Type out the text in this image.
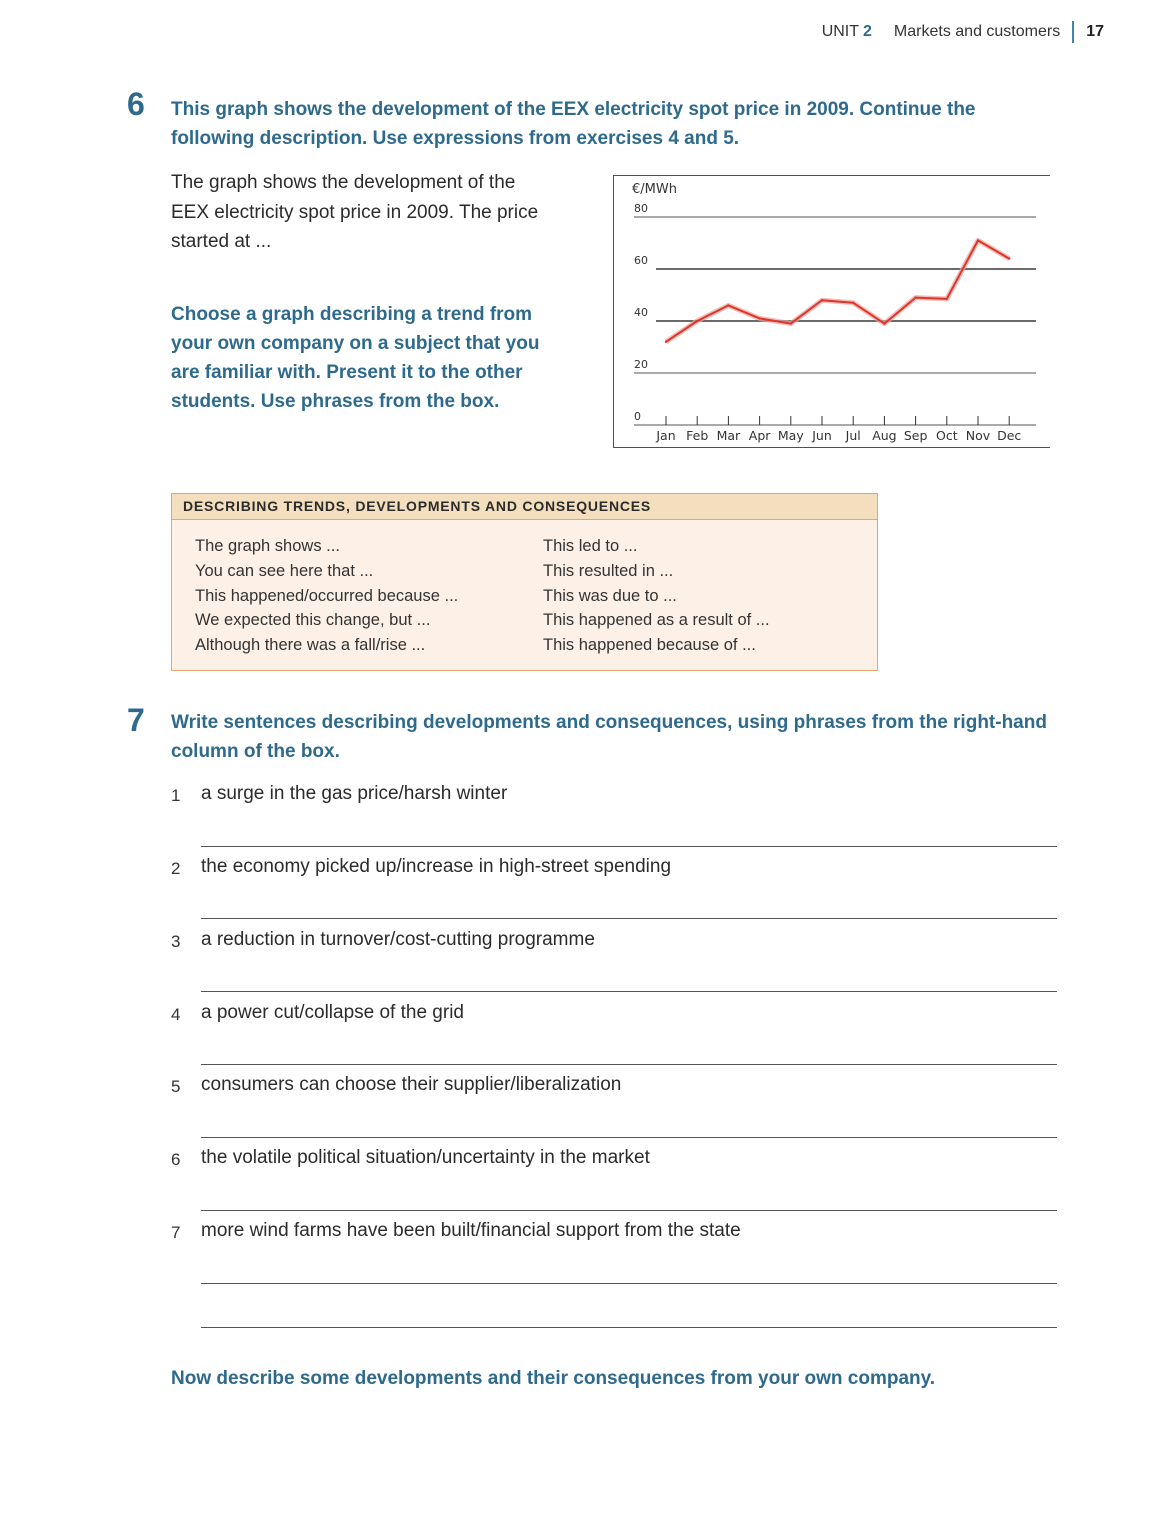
UNIT 2 Markets and customers 17
6 This graph shows the development of the EEX electricity spot price in 2009. Continue the
following description. Use expressions from exercises 4 and 5.
The graph shows the development of the
EEX electricity spot price in 2009. The price
started at ...
Choose a graph describing a trend from
your own company on a subject that you
are familiar with. Present it to the other
students. Use phrases from the box.
€/MWh
0
20
40
60
80
Jan Feb Mar Apr May Jun Jul Aug Sep Oct Nov Dec
DESCRIBING TRENDS, DEVELOPMENTS AND CONSEQUENCES
The graph shows ...
You can see here that ...
This happened/occurred because ...
We expected this change, but ...
Although there was a fall/rise ...
This led to ...
This resulted in ...
This was due to ...
This happened as a result of ...
This happened because of ...
7 Write sentences describing developments and consequences, using phrases from the right-hand
column of the box.
1 a surge in the gas price/harsh winter
2 the economy picked up/increase in high-street spending
3 a reduction in turnover/cost-cutting programme
4 a power cut/collapse of the grid
5 consumers can choose their supplier/liberalization
6 the volatile political situation/uncertainty in the market
7 more wind farms have been built/financial support from the state
Now describe some developments and their consequences from your own company.
